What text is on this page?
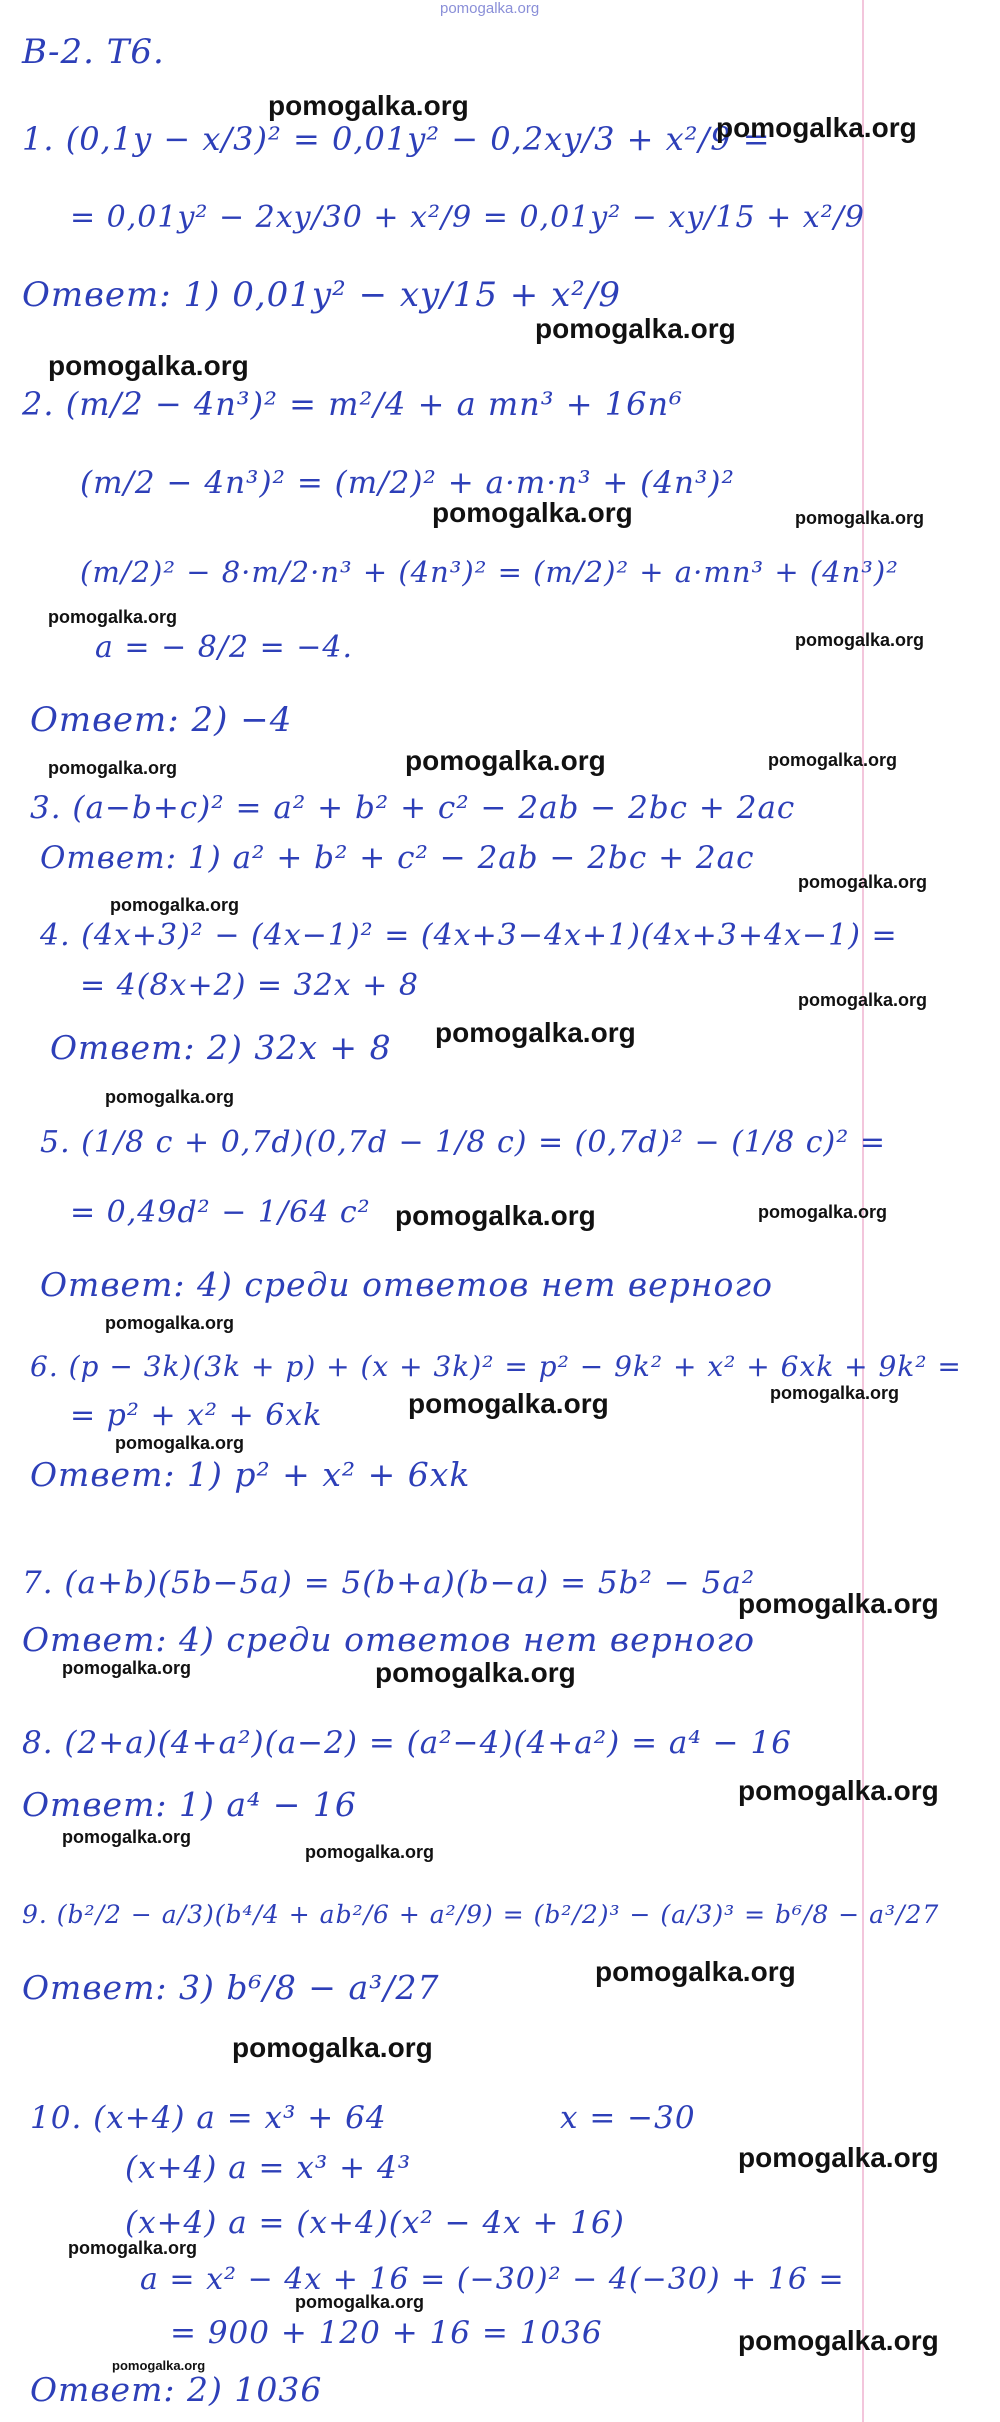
pomogalka.org
В-2. Т6.
1. (0,1y − x/3)² = 0,01y² − 0,2xy/3 + x²/9 =
= 0,01y² − 2xy/30 + x²/9 = 0,01y² − xy/15 + x²/9
Ответ: 1) 0,01y² − xy/15 + x²/9
2. (m/2 − 4n³)² = m²/4 + a mn³ + 16n⁶
(m/2 − 4n³)² = (m/2)² + a·m·n³ + (4n³)²
(m/2)² − 8·m/2·n³ + (4n³)² = (m/2)² + a·mn³ + (4n³)²
a = − 8/2 = −4.
Ответ: 2) −4
3. (a−b+c)² = a² + b² + c² − 2ab − 2bc + 2ac
Ответ: 1) a² + b² + c² − 2ab − 2bc + 2ac
4. (4x+3)² − (4x−1)² = (4x+3−4x+1)(4x+3+4x−1) =
= 4(8x+2) = 32x + 8
Ответ: 2) 32x + 8
5. (1/8 c + 0,7d)(0,7d − 1/8 c) = (0,7d)² − (1/8 c)² =
= 0,49d² − 1/64 c²
Ответ: 4) среди ответов нет верного
6. (p − 3k)(3k + p) + (x + 3k)² = p² − 9k² + x² + 6xk + 9k² =
= p² + x² + 6xk
Ответ: 1) p² + x² + 6xk
7. (a+b)(5b−5a) = 5(b+a)(b−a) = 5b² − 5a²
Ответ: 4) среди ответов нет верного
8. (2+a)(4+a²)(a−2) = (a²−4)(4+a²) = a⁴ − 16
Ответ: 1) a⁴ − 16
9. (b²/2 − a/3)(b⁴/4 + ab²/6 + a²/9) = (b²/2)³ − (a/3)³ = b⁶/8 − a³/27
Ответ: 3) b⁶/8 − a³/27
10. (x+4) a = x³ + 64	x = −30
(x+4) a = x³ + 4³
(x+4) a = (x+4)(x² − 4x + 16)
a = x² − 4x + 16 = (−30)² − 4(−30) + 16 =
= 900 + 120 + 16 = 1036
Ответ: 2) 1036
pomogalka.org
pomogalka.org
pomogalka.org
pomogalka.org
pomogalka.org	pomogalka.org
pomogalka.org
pomogalka.org
pomogalka.org	pomogalka.org	pomogalka.org
pomogalka.org
pomogalka.org
pomogalka.org
pomogalka.org
pomogalka.org
pomogalka.org	pomogalka.org
pomogalka.org
pomogalka.org	pomogalka.org
pomogalka.org
pomogalka.org
pomogalka.org	pomogalka.org
pomogalka.org
pomogalka.org
pomogalka.org
pomogalka.org
pomogalka.org
pomogalka.org
pomogalka.org
pomogalka.org
pomogalka.org
pomogalka.org
